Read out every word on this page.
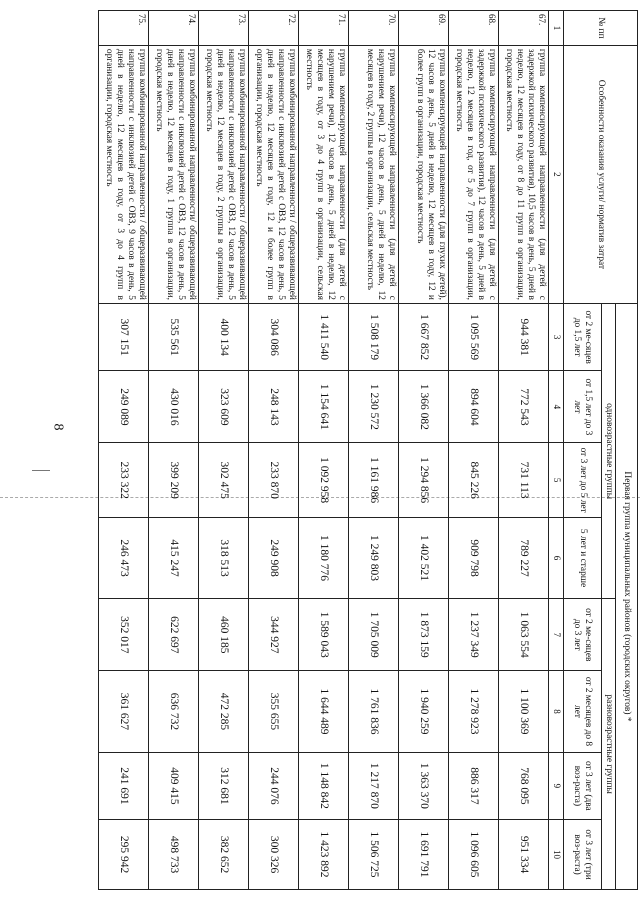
8
№ пп	Особенности оказания услуги/ норматив затрат	Первая группа муниципальных районов (городских округов) *							
		одновозрастные группы				разновозрастные группы			
		от 2 ме-сяцев до 1,5 лет	от 1,5 лет до 3 лет	от 3 лет до 5 лет	5 лет и старше	от 2 ме-сяцев до 3 лет	от 2 месяцев до 8 лет	от 3 лет (два воз-раста)	от 3 лет (три воз-раста)
1	2	3	4	5	6	7	8	9	10
67.	группа компенсирующей направленности (для детей с задержкой психического развития), 10,5 часов в день, 5 дней в неделю, 12 месяцев в году, от 8 до 11 групп в организации, городская местность	944 381	772 543	731 113	789 227	1 063 554	1 100 369	768 095	951 334
68.	группа компенсирующей направленности (для детей с задержкой психического развития), 12 часов в день, 5 дней в неделю, 12 месяцев в год, от 5 до 7 групп в организации, городская местность	1 095 569	894 604	845 226	909 798	1 237 349	1 278 923	886 317	1 096 605
69.	группа компенсирующей направленности (для глухих детей), 12 часов в день, 5 дней в неделю, 12 месяцев в году, 12 и более групп в организации, городская местность	1 667 852	1 366 082	1 294 856	1 402 521	1 873 159	1 940 259	1 363 370	1 691 791
70.	группа компенсирующей направленности (для детей с нарушением речи), 12 часов в день, 5 дней в неделю, 12 месяцев в году, 2 группы в организации, сельская местность	1 508 179	1 230 572	1 161 986	1 249 803	1 705 009	1 761 836	1 217 870	1 506 725
71.	группа компенсирующей направленности (для детей с нарушением речи), 12 часов в день, 5 дней в неделю, 12 месяцев в году, от 3 до 4 групп в организации, сельская местность	1 411 540	1 154 641	1 092 958	1 180 776	1 589 043	1 644 489	1 148 842	1 423 892
72.	группа комбинированной направленности / общеразвивающей направленности с инклюзией детей с ОВЗ, 12 часов в день, 5 дней в неделю, 12 месяцев в году, 12 и более групп в организации, городская местность	304 086	248 143	233 870	249 908	344 927	355 655	244 076	300 326
73.	группа комбинированной направленности / общеразвивающей направленности с инклюзией детей с ОВЗ, 12 часов в день, 5 дней в неделю, 12 месяцев в году, 2 группы в организации, городская местность	400 134	323 609	302 475	318 513	460 185	472 285	312 681	382 652
74.	группа комбинированной направленности/ общеразвивающей направленности с инклюзией детей с ОВЗ, 12 часов в день, 5 дней в неделю, 12 месяцев в году, 1 группа в организации, городская местность	535 561	430 016	399 209	415 247	622 697	636 732	409 415	498 733
75.	группа комбинированной направленности / общеразвивающей направленности с инклюзией детей с ОВЗ, 9 часов в день, 5 дней в неделю, 12 месяцев в году, от 3 до 4 групп в организации, городская местность	307 151	249 089	233 322	246 473	352 017	361 627	241 691	295 942
